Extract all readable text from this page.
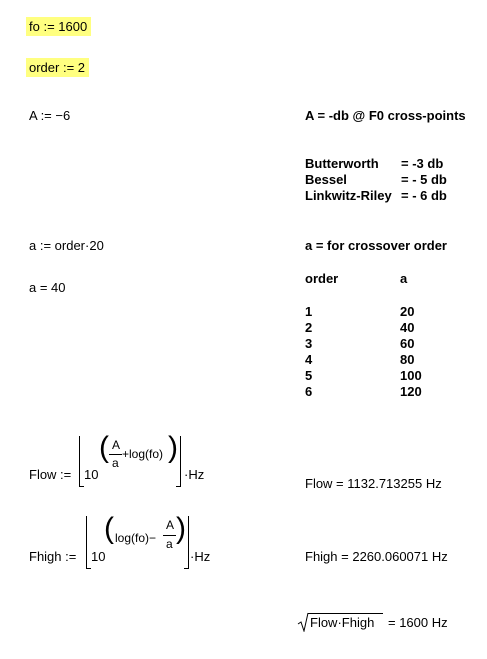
fo := 1600
order := 2
A := −6	A = -db @ F0 cross-points
Butterworth = -3 db
Bessel	= - 5 db
Linkwitz-Riley = - 6 db
a := order·20	a = for crossover order
a = 40
order	a
1	20
2	40
3	60
4	80
5	100
6	120
Flow := 10
( A
a
+log(fo) )
·Hz
Fhigh := 10
( log(fo)−
A
a )
·Hz
Flow = 1132.713255 Hz
Fhigh = 2260.060071 Hz
Flow·Fhigh = 1600 Hz
